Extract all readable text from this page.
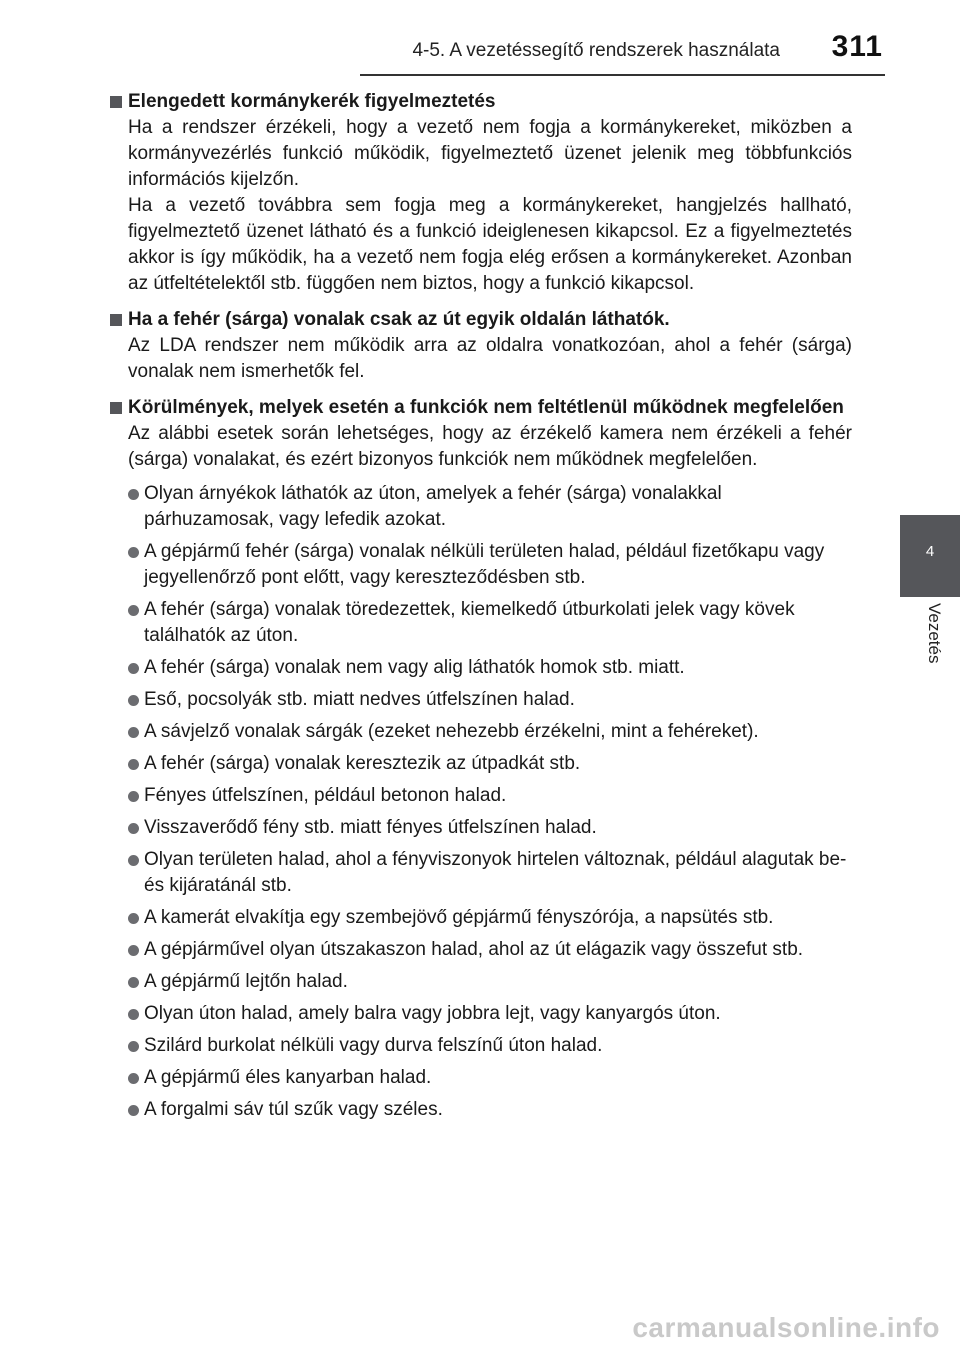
4-5. A vezetéssegítő rendszerek használata 311
4
Vezetés
Elengedett kormánykerék figyelmeztetés

Ha a rendszer érzékeli, hogy a vezető nem fogja a kormánykereket, miközben a kormányvezérlés funkció működik, figyelmeztető üzenet jelenik meg többfunkciós információs kijelzőn.

Ha a vezető továbbra sem fogja meg a kormánykereket, hangjelzés hallható, figyelmeztető üzenet látható és a funkció ideiglenesen kikapcsol. Ez a figyelmeztetés akkor is így működik, ha a vezető nem fogja elég erősen a kormánykereket. Azonban az útfeltételektől stb. függően nem biztos, hogy a funkció kikapcsol.

Ha a fehér (sárga) vonalak csak az út egyik oldalán láthatók.

Az LDA rendszer nem működik arra az oldalra vonatkozóan, ahol a fehér (sárga) vonalak nem ismerhetők fel.

Körülmények, melyek esetén a funkciók nem feltétlenül működnek megfelelően

Az alábbi esetek során lehetséges, hogy az érzékelő kamera nem érzékeli a fehér (sárga) vonalakat, és ezért bizonyos funkciók nem működnek megfelelően.

Olyan árnyékok láthatók az úton, amelyek a fehér (sárga) vonalakkal párhuzamosak, vagy lefedik azokat.
A gépjármű fehér (sárga) vonalak nélküli területen halad, például fizetőkapu vagy jegyellenőrző pont előtt, vagy kereszteződésben stb.
A fehér (sárga) vonalak töredezettek, kiemelkedő útburkolati jelek vagy kövek találhatók az úton.
A fehér (sárga) vonalak nem vagy alig láthatók homok stb. miatt.
Eső, pocsolyák stb. miatt nedves útfelszínen halad.
A sávjelző vonalak sárgák (ezeket nehezebb érzékelni, mint a fehéreket).
A fehér (sárga) vonalak keresztezik az útpadkát stb.
Fényes útfelszínen, például betonon halad.
Visszaverődő fény stb. miatt fényes útfelszínen halad.
Olyan területen halad, ahol a fényviszonyok hirtelen változnak, például alagutak be- és kijáratánál stb.
A kamerát elvakítja egy szembejövő gépjármű fényszórója, a napsütés stb.
A gépjárművel olyan útszakaszon halad, ahol az út elágazik vagy összefut stb.
A gépjármű lejtőn halad.
Olyan úton halad, amely balra vagy jobbra lejt, vagy kanyargós úton.
Szilárd burkolat nélküli vagy durva felszínű úton halad.
A gépjármű éles kanyarban halad.
A forgalmi sáv túl szűk vagy széles.
carmanualsonline.info
